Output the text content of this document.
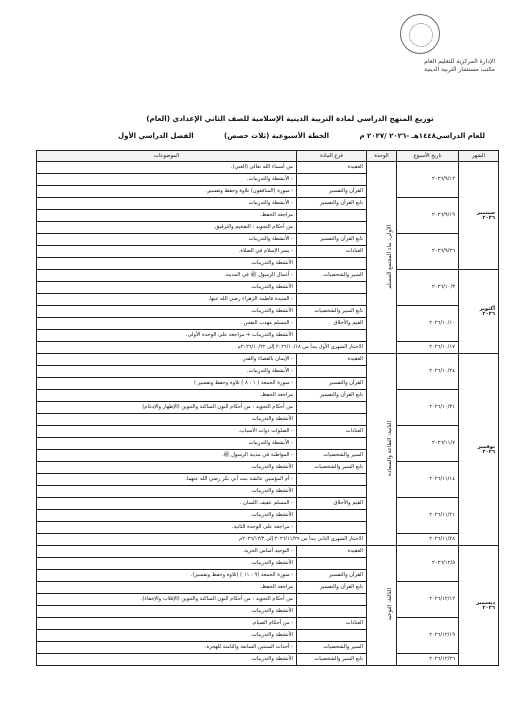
الإدارة المركزية للتعليم العام
مكتب مستشار التربية الدينية
توزيع المنهج الدراسي لمادة التربية الدينية الإسلامية للصف الثاني الإعدادي (العام)
للعام الدراسي١٤٤٨هـ -٢٠٢٦ /٢٠٢٧ م الخطة الأسبوعية (ثلاث حصص) الفصل الدراسي الأول
الشهر	تاريخ الأسبوع	الوحدة	فرع المادة	الموضوعات

سبتمبر
٢٠٢٦	٢٠٢٦/٩/١٢	الأولى: بناء المجتمع المسلم	العقيدة	من أسماء الله تعالى (الغني).
				- الأنشطة والتدريبات.
			القرآن والتفسير	- سورة (المنافقون) تلاوة وحفظ وتفسير.
	٢٠٢٦/٩/١٩		تابع القرآن والتفسير	- الأنشطة والتدريبات
				مراجعة الحفظ.
				من أحكام التجويد : التفخيم والترقيق.
	٢٠٢٦/٩/٢٦		تابع القرآن والتفسير	- الأنشطة والتدريبات
			العبادات	- يسر الإسلام في الصلاة.
				الأنشطة والتدريبات.

أكتوبر
٢٠٢٦	٢٠٢٦/١٠/٣		السير والشخصيات	- أعمال الرسول ﷺ في المدينة.
				الأنشطة والتدريبات.
				- السيدة فاطمة الزهراء رضي الله عنها.
	٢٠٢٦/١٠/١٠		تابع السير والشخصيات	الأنشطة والتدريبات.
			القيم والأخلاق	- المسلم مهذب النفس .
				الأنشطة والتدريبات + مراجعة على الوحدة الأولى.
	٢٠٢٦/١٠/١٧		الاختبار الشهري الأول يبدأ من ٢٠٢٦/١٠/١٨ إلى ٢٠٢٦/١٠/٢٢م	

نوفمبر
٢٠٢٦	٢٠٢٦/١٠/٢٤	الثانية: الطاعة والسعادة	العقيدة	- الإيمان بالقضاء والقدر.
				- الأنشطة والتدريبات.
			القرآن والتفسير	- سورة الجمعة ( ١ : ٨ ) تلاوة وحفظ وتفسير )
	٢٠٢٦/١٠/٣١		تابع القرآن والتفسير	مراجعة الحفظ.
				من أحكام التجويد : من أحكام النون الساكنة والتنوين (الإظهار والإدغام)
				الأنشطة والتدريبات
	٢٠٢٦/١١/٧		العبادات	- الصلوات ذوات الأسباب.
				- الأنشطة والتدريبات
			السير والشخصيات	- المواطنة في مدينة الرسول ﷺ.
	٢٠٢٦/١١/١٤		تابع السير والشخصيات	الأنشطة والتدريبات.
				- أم المؤمنين عائشة بنت أبي بكر رضي الله عنهما.
				الأنشطة والتدريبات.
	٢٠٢٦/١١/٢١		القيم والأخلاق	- المسلم عفيف اللسان .
				الأنشطة والتدريبات.
				- مراجعة على الوحدة الثانية.
	٢٠٢٦/١١/٢٨		الاختبار الشهري الثاني يبدأ من ٢٠٢٦/١١/٢٩ إلى ٢٠٢٦/١٢/٣م	

ديسمبر
٢٠٢٦	٢٠٢٦/١٢/٥	الثالثة: التوحيد	العقيدة	- التوحيد أساس الحرية.
				الأنشطة والتدريبات.
			القرآن والتفسير	- سورة الجمعة (٩ : ١١ ) (تلاوة وحفظ وتفسير).
	٢٠٢٦/١٢/١٢		تابع القرآن والتفسير	مراجعة الحفظ.
				من أحكام التجويد : من أحكام النون الساكنة والتنوين (الإقلاب والإخفاء).
				الأنشطة والتدريبات.
	٢٠٢٦/١٢/١٩		العبادات	- من أحكام الصيام.
				الأنشطة والتدريبات.
			السير والشخصيات	- أحداث السنتين السابعة والثامنة للهجرة.
	٢٠٢٦/١٢/٢٦		تابع السير والشخصيات	الأنشطة والتدريبات.
